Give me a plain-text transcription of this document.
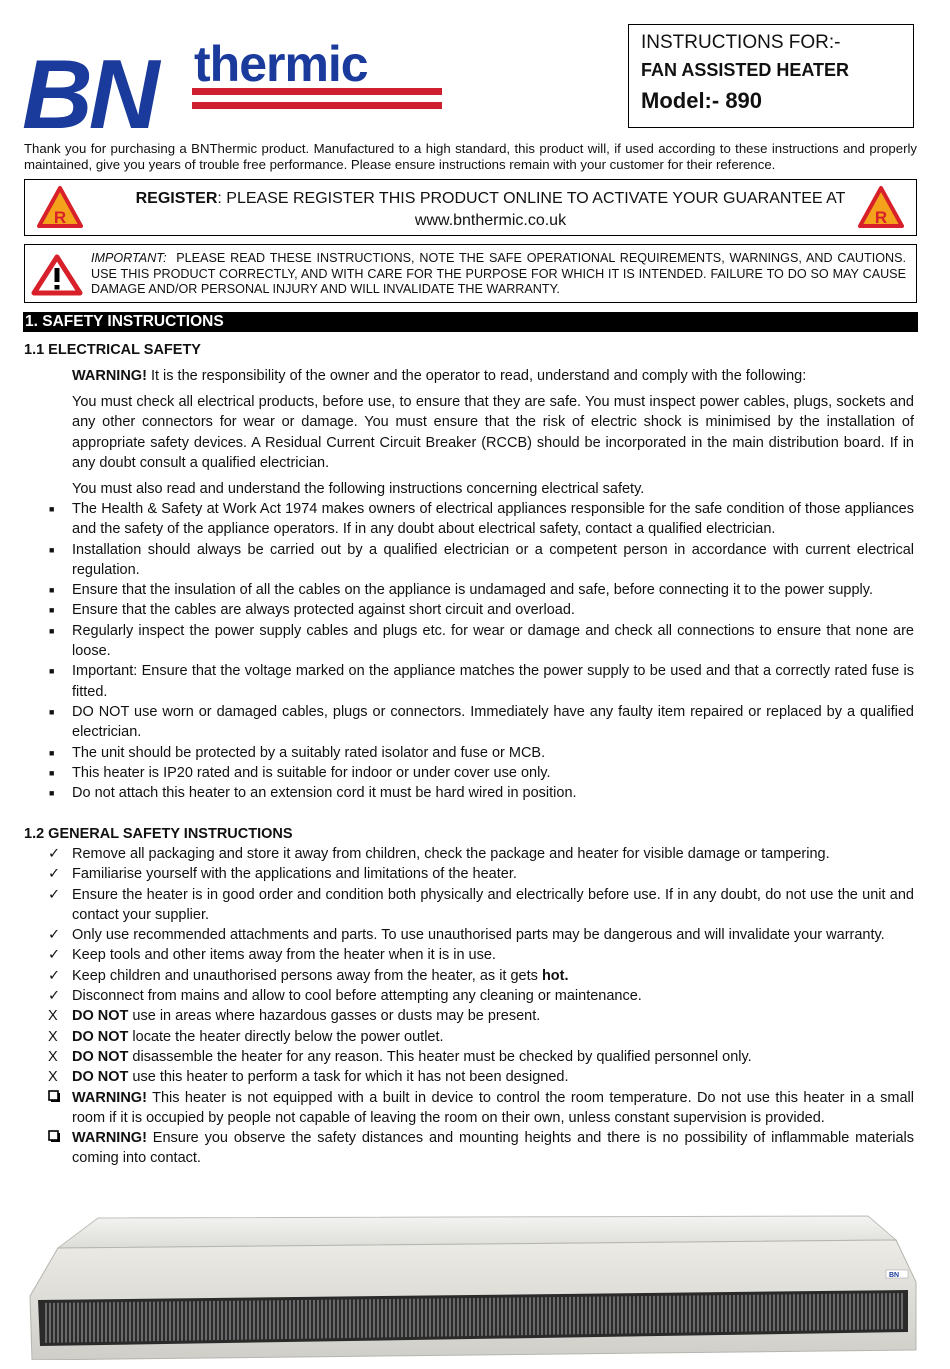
BN thermic	INSTRUCTIONS FOR:-
FAN ASSISTED HEATER
Model:- 890
Thank you for purchasing a BNThermic product. Manufactured to a high standard, this product will, if used according to these instructions and properly maintained, give you years of trouble free performance. Please ensure instructions remain with your customer for their reference.
R
REGISTER: PLEASE REGISTER THIS PRODUCT ONLINE TO ACTIVATE YOUR GUARANTEE AT
www.bnthermic.co.uk	R
IMPORTANT: PLEASE READ THESE INSTRUCTIONS, NOTE THE SAFE OPERATIONAL REQUIREMENTS, WARNINGS, AND CAUTIONS. USE THIS PRODUCT CORRECTLY, AND WITH CARE FOR THE PURPOSE FOR WHICH IT IS INTENDED. FAILURE TO DO SO MAY CAUSE DAMAGE AND/OR PERSONAL INJURY AND WILL INVALIDATE THE WARRANTY.
1. SAFETY INSTRUCTIONS
1.1 ELECTRICAL SAFETY
WARNING! It is the responsibility of the owner and the operator to read, understand and comply with the following:
You must check all electrical products, before use, to ensure that they are safe. You must inspect power cables, plugs, sockets and any other connectors for wear or damage. You must ensure that the risk of electric shock is minimised by the installation of appropriate safety devices. A Residual Current Circuit Breaker (RCCB) should be incorporated in the main distribution board. If in any doubt consult a qualified electrician.
You must also read and understand the following instructions concerning electrical safety.
■	The Health & Safety at Work Act 1974 makes owners of electrical appliances responsible for the safe condition of those appliances and the safety of the appliance operators. If in any doubt about electrical safety, contact a qualified electrician.
■	Installation should always be carried out by a qualified electrician or a competent person in accordance with current electrical regulation.
■	Ensure that the insulation of all the cables on the appliance is undamaged and safe, before connecting it to the power supply.
■	Ensure that the cables are always protected against short circuit and overload.
■	Regularly inspect the power supply cables and plugs etc. for wear or damage and check all connections to ensure that none are loose.
■	Important: Ensure that the voltage marked on the appliance matches the power supply to be used and that a correctly rated fuse is fitted.
■	DO NOT use worn or damaged cables, plugs or connectors. Immediately have any faulty item repaired or replaced by a qualified electrician.
■	The unit should be protected by a suitably rated isolator and fuse or MCB.
■	This heater is IP20 rated and is suitable for indoor or under cover use only.
■	Do not attach this heater to an extension cord it must be hard wired in position.
1.2 GENERAL SAFETY INSTRUCTIONS
✓ Remove all packaging and store it away from children, check the package and heater for visible damage or tampering.
✓ Familiarise yourself with the applications and limitations of the heater.
✓ Ensure the heater is in good order and condition both physically and electrically before use. If in any doubt, do not use the unit and contact your supplier.
✓ Only use recommended attachments and parts. To use unauthorised parts may be dangerous and will invalidate your warranty.
✓ Keep tools and other items away from the heater when it is in use.
✓ Keep children and unauthorised persons away from the heater, as it gets hot.
✓ Disconnect from mains and allow to cool before attempting any cleaning or maintenance.
X DO NOT use in areas where hazardous gasses or dusts may be present.
X DO NOT locate the heater directly below the power outlet.
X DO NOT disassemble the heater for any reason. This heater must be checked by qualified personnel only.
X DO NOT use this heater to perform a task for which it has not been designed.
WARNING! This heater is not equipped with a built in device to control the room temperature. Do not use this heater in a small room if it is occupied by people not capable of leaving the room on their own, unless constant supervision is provided.
WARNING! Ensure you observe the safety distances and mounting heights and there is no possibility of inflammable materials coming into contact.
BN
